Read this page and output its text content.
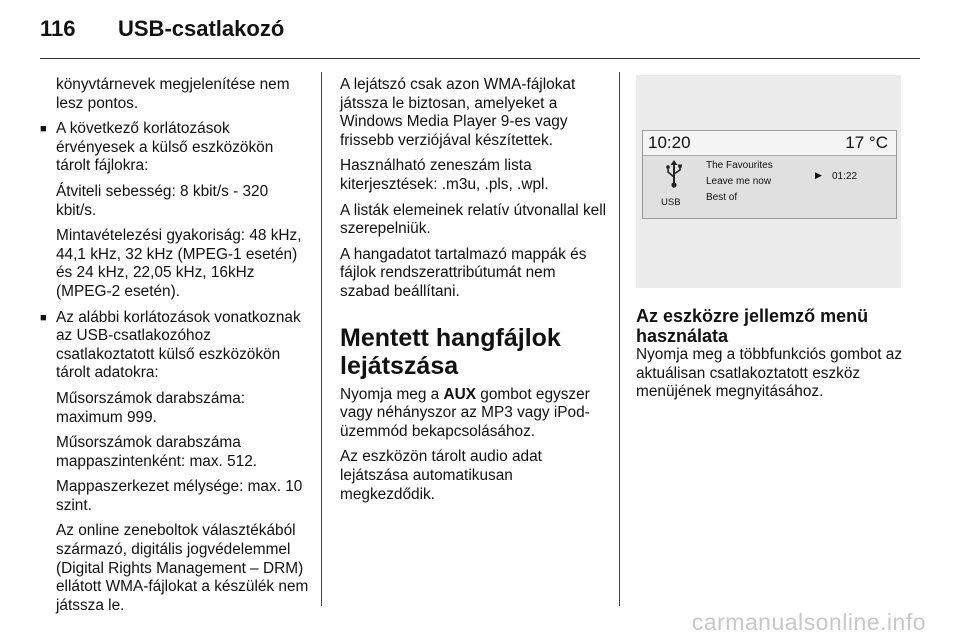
116 USB-csatlakozó

könyvtárnevek megjelenítése nem lesz pontos.

■ A következő korlátozások érvényesek a külső eszközökön tárolt fájlokra:

Átviteli sebesség: 8 kbit/s - 320 kbit/s.

Mintavételezési gyakoriság: 48 kHz, 44,1 kHz, 32 kHz (MPEG-1 esetén) és 24 kHz, 22,05 kHz, 16kHz (MPEG-2 esetén).

■ Az alábbi korlátozások vonatkoznak az USB-csatlakozóhoz csatlakoztatott külső eszközökön tárolt adatokra:

Műsorszámok darabszáma: maximum 999.

Műsorszámok darabszáma mappaszintenként: max. 512.

Mappaszerkezet mélysége: max. 10 szint.

Az online zeneboltok választékából származó, digitális jogvédelemmel (Digital Rights Management – DRM) ellátott WMA-fájlokat a készülék nem játssza le.

A lejátszó csak azon WMA-fájlokat játssza le biztosan, amelyeket a Windows Media Player 9-es vagy frissebb verziójával készítettek.

Használható zeneszám lista kiterjesztések: .m3u, .pls, .wpl.

A listák elemeinek relatív útvonallal kell szerepelniük.

A hangadatot tartalmazó mappák és fájlok rendszerattribútumát nem szabad beállítani.

Mentett hangfájlok lejátszása

Nyomja meg a AUX gombot egyszer vagy néhányszor az MP3 vagy iPod-üzemmód bekapcsolásához.

Az eszközön tárolt audio adat lejátszása automatikusan megkezdődik.

10:20	17 °C
USB
The Favourites
Leave me now
Best of
▶ 01:22
Az eszközre jellemző menü használata

Nyomja meg a többfunkciós gombot az aktuálisan csatlakoztatott eszköz menüjének megnyitásához.

carmanualsonline.info
